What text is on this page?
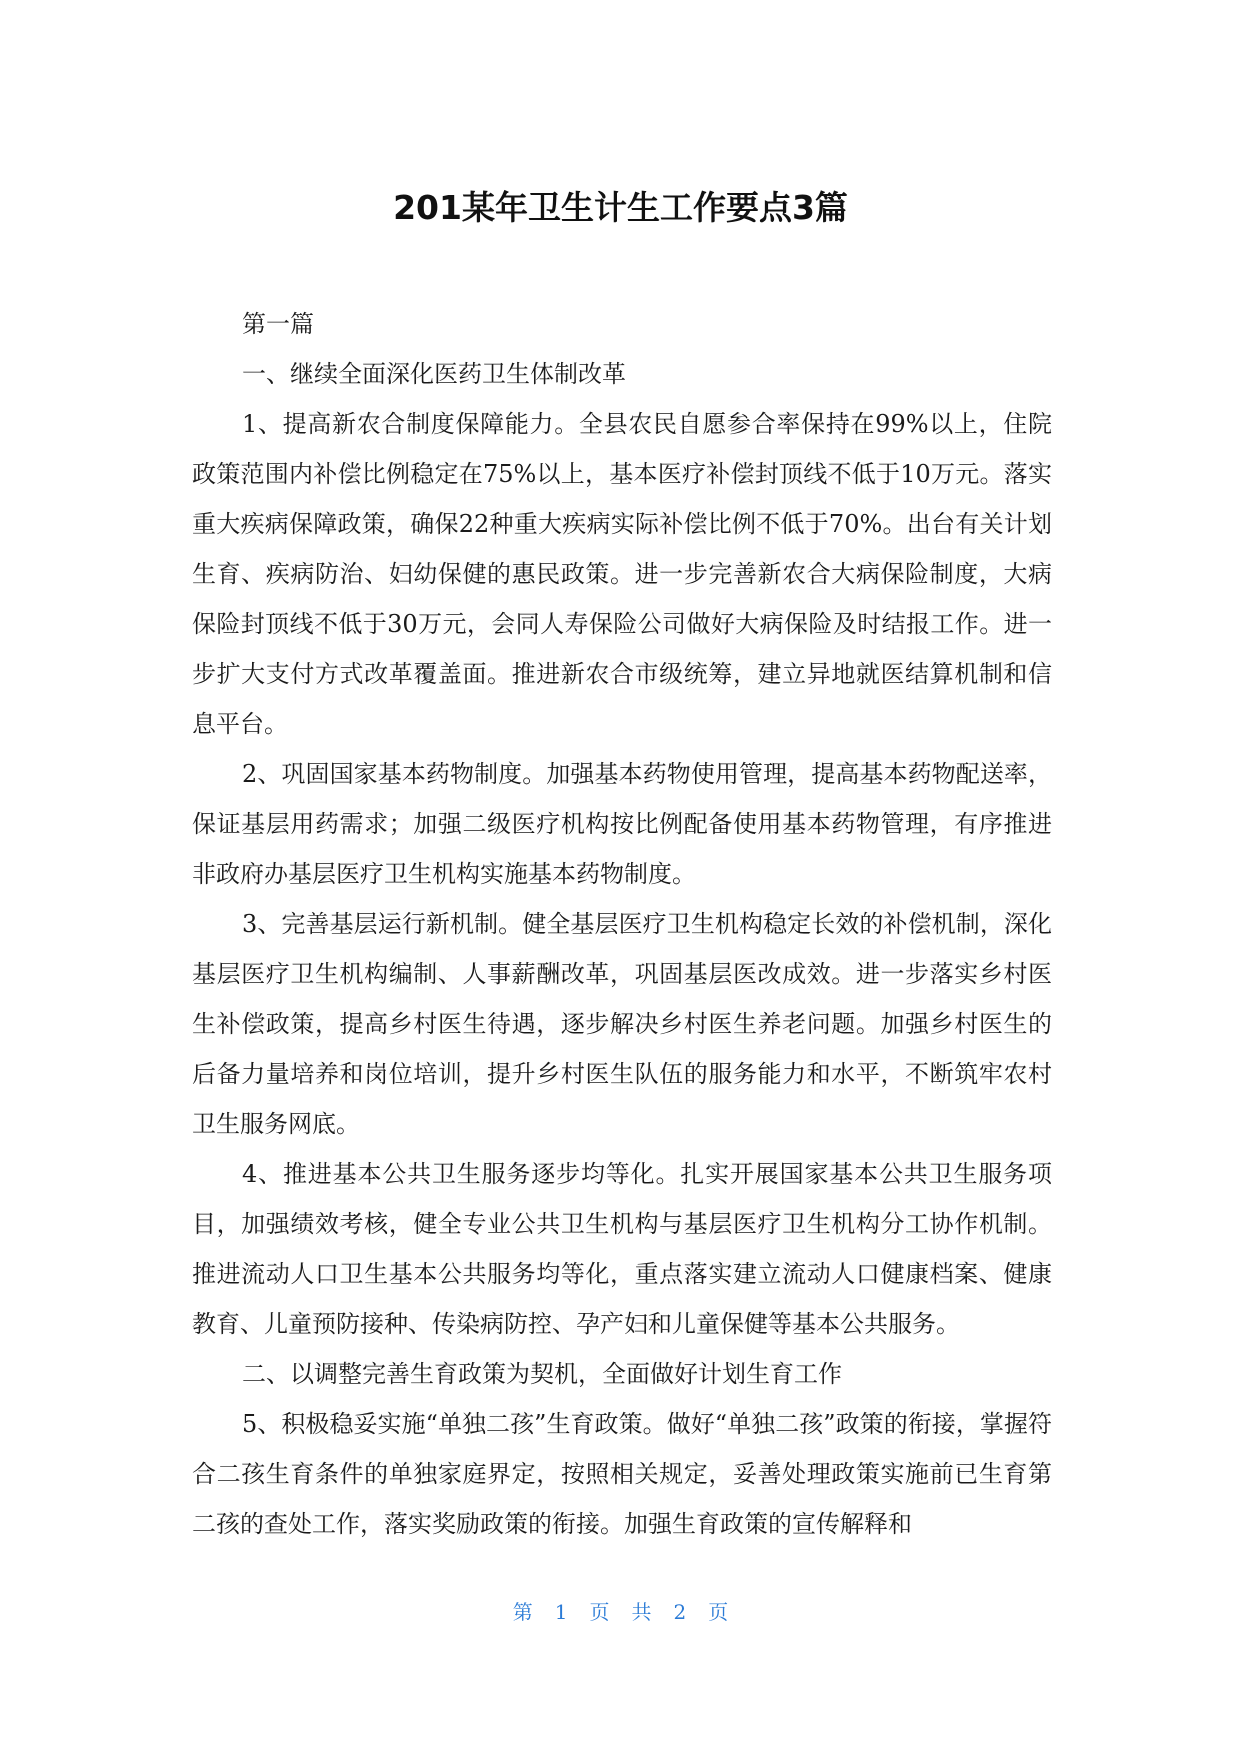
201某年卫生计生工作要点3篇

第一篇

一、继续全面深化医药卫生体制改革

1、提高新农合制度保障能力。全县农民自愿参合率保持在99%以上，住院政策范围内补偿比例稳定在75%以上，基本医疗补偿封顶线不低于10万元。落实重大疾病保障政策，确保22种重大疾病实际补偿比例不低于70%。出台有关计划生育、疾病防治、妇幼保健的惠民政策。进一步完善新农合大病保险制度，大病保险封顶线不低于30万元，会同人寿保险公司做好大病保险及时结报工作。进一步扩大支付方式改革覆盖面。推进新农合市级统筹，建立异地就医结算机制和信息平台。

2、巩固国家基本药物制度。加强基本药物使用管理，提高基本药物配送率，保证基层用药需求；加强二级医疗机构按比例配备使用基本药物管理，有序推进非政府办基层医疗卫生机构实施基本药物制度。

3、完善基层运行新机制。健全基层医疗卫生机构稳定长效的补偿机制，深化基层医疗卫生机构编制、人事薪酬改革，巩固基层医改成效。进一步落实乡村医生补偿政策，提高乡村医生待遇，逐步解决乡村医生养老问题。加强乡村医生的后备力量培养和岗位培训，提升乡村医生队伍的服务能力和水平，不断筑牢农村卫生服务网底。

4、推进基本公共卫生服务逐步均等化。扎实开展国家基本公共卫生服务项目，加强绩效考核，健全专业公共卫生机构与基层医疗卫生机构分工协作机制。推进流动人口卫生基本公共服务均等化，重点落实建立流动人口健康档案、健康教育、儿童预防接种、传染病防控、孕产妇和儿童保健等基本公共服务。

二、以调整完善生育政策为契机，全面做好计划生育工作

5、积极稳妥实施“单独二孩”生育政策。做好“单独二孩”政策的衔接，掌握符合二孩生育条件的单独家庭界定，按照相关规定，妥善处理政策实施前已生育第二孩的查处工作，落实奖励政策的衔接。加强生育政策的宣传解释和

第 1 页 共 2 页
